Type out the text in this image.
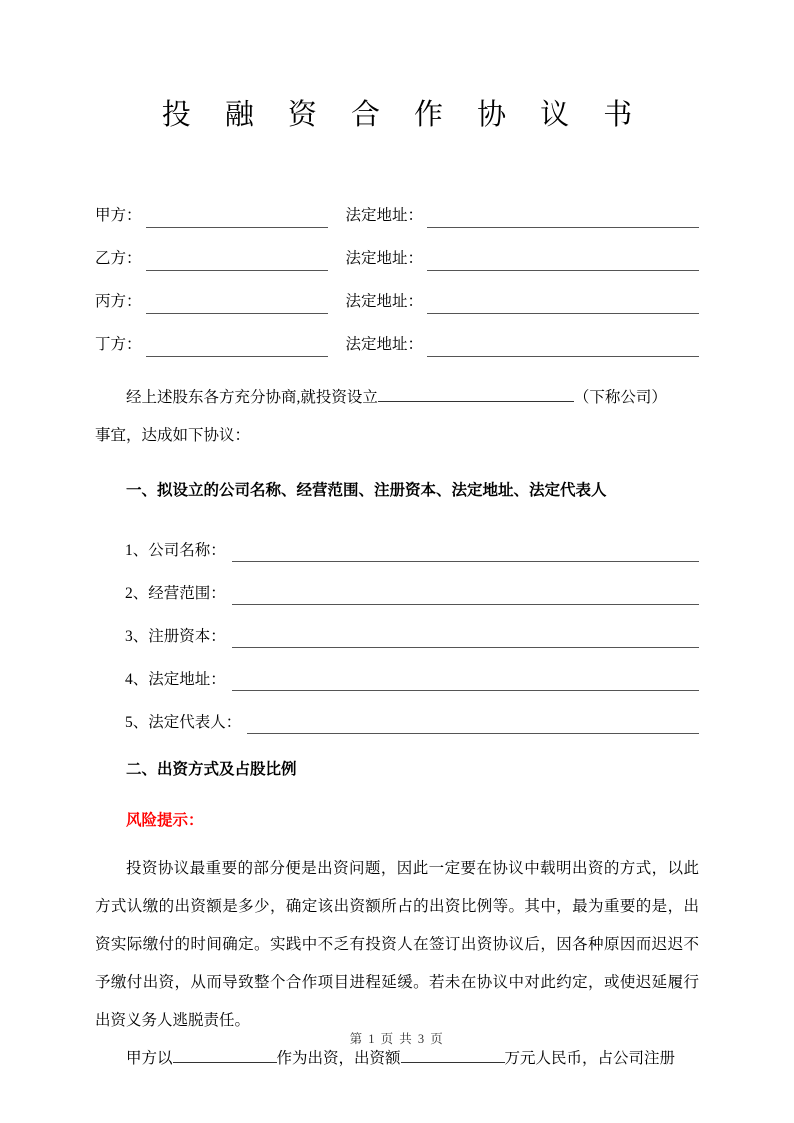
投 融 资 合 作 协 议 书
甲方：	法定地址：
乙方：	法定地址：
丙方：	法定地址：
丁方：	法定地址：

经上述股东各方充分协商,就投资设立	（下称公司）

事宜，达成如下协议：

一、拟设立的公司名称、经营范围、注册资本、法定地址、法定代表人
1、公司名称：
2、经营范围：
3、注册资本：
4、法定地址：
5、法定代表人：
二、出资方式及占股比例

风险提示：

投资协议最重要的部分便是出资问题，因此一定要在协议中载明出资的方式，以此方式认缴的出资额是多少，确定该出资额所占的出资比例等。其中，最为重要的是，出资实际缴付的时间确定。实践中不乏有投资人在签订出资协议后，因各种原因而迟迟不予缴付出资，从而导致整个合作项目进程延缓。若未在协议中对此约定，或使迟延履行出资义务人逃脱责任。

甲方以	作为出资，出资额	万元人民币，占公司注册

第 1 页 共 3 页
